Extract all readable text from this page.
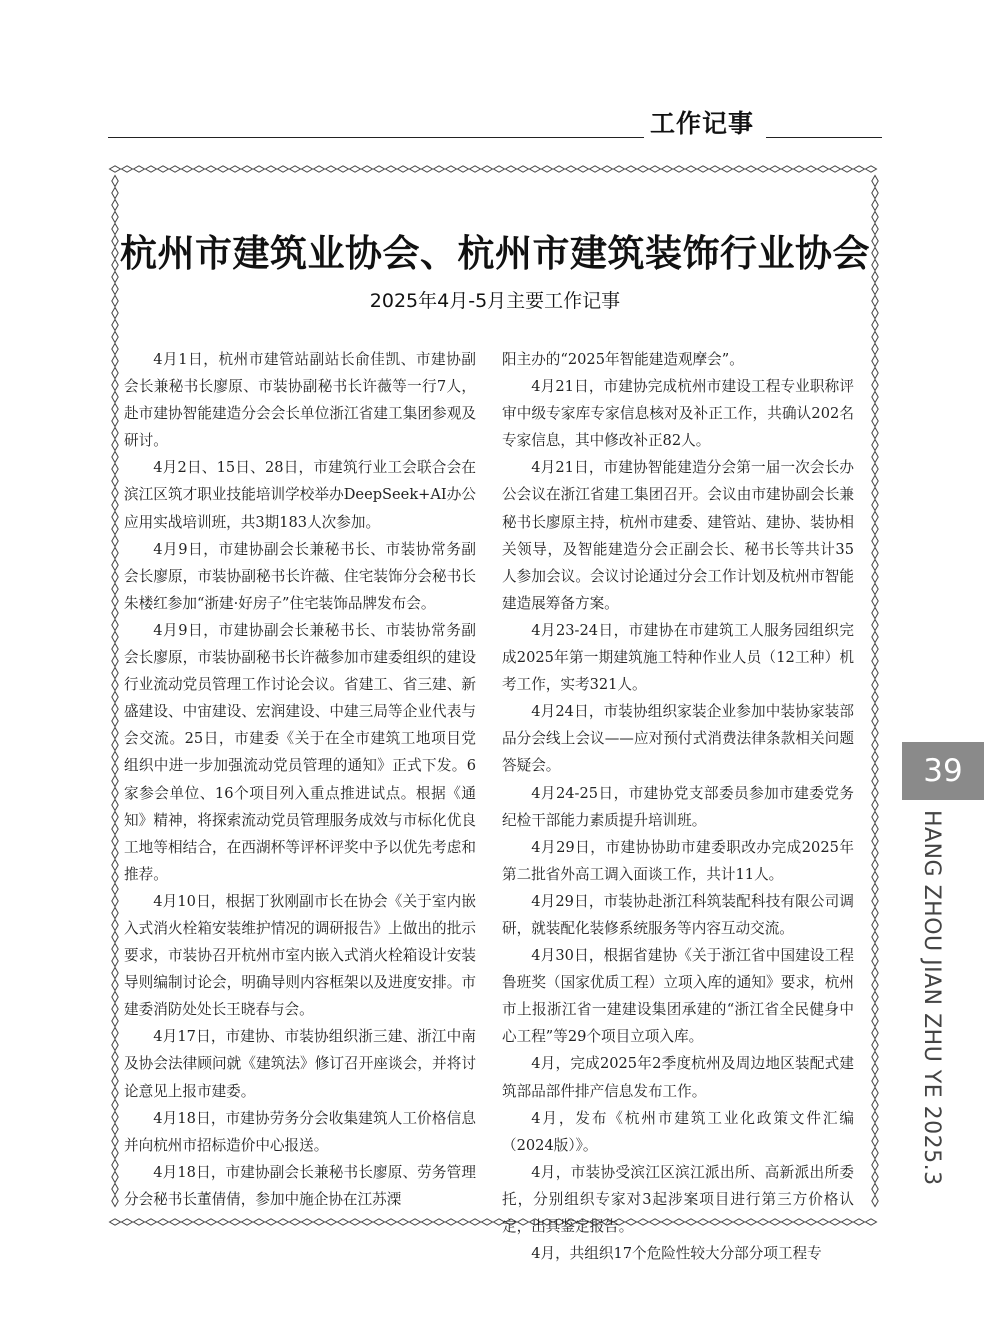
工作记事
杭州市建筑业协会、杭州市建筑装饰行业协会
2025年4月-5月主要工作记事

4月1日，杭州市建管站副站长俞佳凯、市建协副会长兼秘书长廖原、市装协副秘书长许薇等一行7人，赴市建协智能建造分会会长单位浙江省建工集团参观及研讨。

4月2日、15日、28日，市建筑行业工会联合会在滨江区筑才职业技能培训学校举办DeepSeek+AI办公应用实战培训班，共3期183人次参加。

4月9日，市建协副会长兼秘书长、市装协常务副会长廖原，市装协副秘书长许薇、住宅装饰分会秘书长朱楼红参加“浙建·好房子”住宅装饰品牌发布会。

4月9日，市建协副会长兼秘书长、市装协常务副会长廖原，市装协副秘书长许薇参加市建委组织的建设行业流动党员管理工作讨论会议。省建工、省三建、新盛建设、中宙建设、宏润建设、中建三局等企业代表与会交流。25日，市建委《关于在全市建筑工地项目党组织中进一步加强流动党员管理的通知》正式下发。6家参会单位、16个项目列入重点推进试点。根据《通知》精神，将探索流动党员管理服务成效与市标化优良工地等相结合，在西湖杯等评杯评奖中予以优先考虑和推荐。

4月10日，根据丁狄刚副市长在协会《关于室内嵌入式消火栓箱安装维护情况的调研报告》上做出的批示要求，市装协召开杭州市室内嵌入式消火栓箱设计安装导则编制讨论会，明确导则内容框架以及进度安排。市建委消防处处长王晓春与会。

4月17日，市建协、市装协组织浙三建、浙江中南及协会法律顾问就《建筑法》修订召开座谈会，并将讨论意见上报市建委。

4月18日，市建协劳务分会收集建筑人工价格信息并向杭州市招标造价中心报送。

4月18日，市建协副会长兼秘书长廖原、劳务管理分会秘书长董倩倩，参加中施企协在江苏溧

阳主办的“2025年智能建造观摩会”。

4月21日，市建协完成杭州市建设工程专业职称评审中级专家库专家信息核对及补正工作，共确认202名专家信息，其中修改补正82人。

4月21日，市建协智能建造分会第一届一次会长办公会议在浙江省建工集团召开。会议由市建协副会长兼秘书长廖原主持，杭州市建委、建管站、建协、装协相关领导，及智能建造分会正副会长、秘书长等共计35人参加会议。会议讨论通过分会工作计划及杭州市智能建造展筹备方案。

4月23-24日，市建协在市建筑工人服务园组织完成2025年第一期建筑施工特种作业人员（12工种）机考工作，实考321人。

4月24日，市装协组织家装企业参加中装协家装部品分会线上会议——应对预付式消费法律条款相关问题答疑会。

4月24-25日，市建协党支部委员参加市建委党务纪检干部能力素质提升培训班。

4月29日，市建协协助市建委职改办完成2025年第二批省外高工调入面谈工作，共计11人。

4月29日，市装协赴浙江科筑装配科技有限公司调研，就装配化装修系统服务等内容互动交流。

4月30日，根据省建协《关于浙江省中国建设工程鲁班奖（国家优质工程）立项入库的通知》要求，杭州市上报浙江省一建建设集团承建的“浙江省全民健身中心工程”等29个项目立项入库。

4月，完成2025年2季度杭州及周边地区装配式建筑部品部件排产信息发布工作。

4月，发布《杭州市建筑工业化政策文件汇编（2024版）》。

4月，市装协受滨江区滨江派出所、高新派出所委托，分别组织专家对3起涉案项目进行第三方价格认定，出具鉴定报告。

4月，共组织17个危险性较大分部分项工程专

39
HANG ZHOU JIAN ZHU YE 2025.3
